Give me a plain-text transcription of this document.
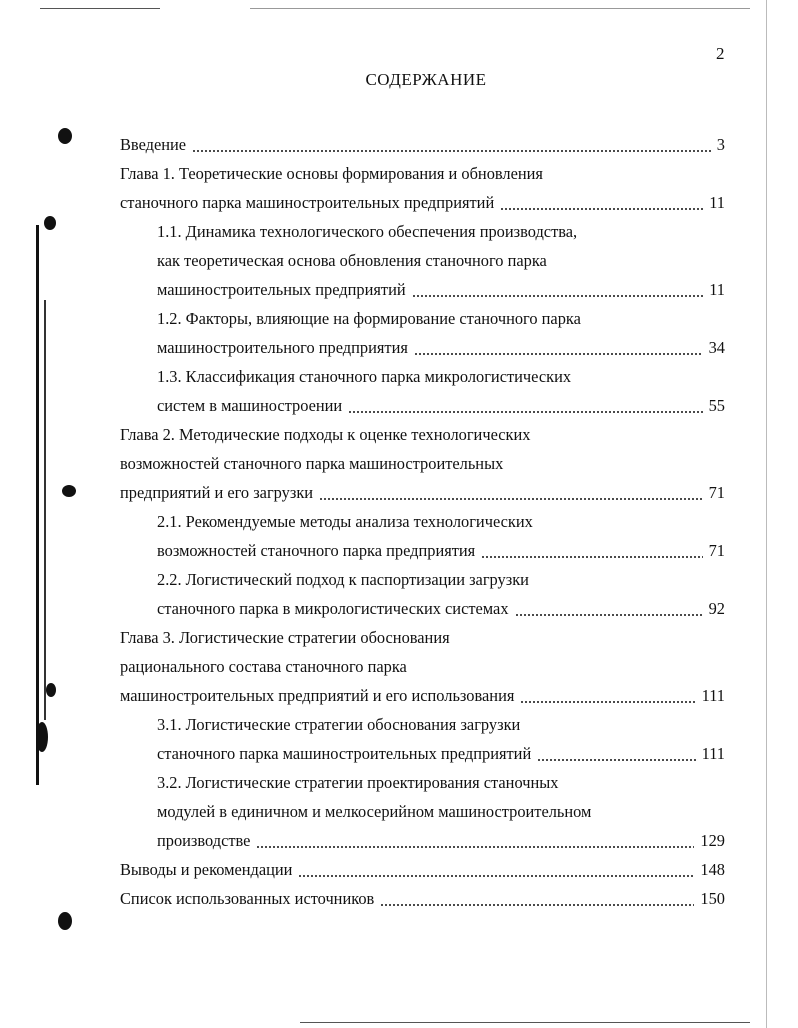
2
СОДЕРЖАНИЕ
Введение	3
Глава 1. Теоретические основы формирования и обновления
станочного парка машиностроительных предприятий	11
1.1. Динамика технологического обеспечения производства,
как теоретическая основа обновления станочного парка
машиностроительных предприятий	11
1.2. Факторы, влияющие на формирование станочного парка
машиностроительного предприятия	34
1.3. Классификация станочного парка микрологистических
систем в машиностроении	55
Глава 2. Методические подходы к оценке технологических
возможностей станочного парка машиностроительных
предприятий и его загрузки	71
2.1. Рекомендуемые методы анализа технологических
возможностей станочного парка предприятия	71
2.2. Логистический подход к паспортизации загрузки
станочного парка в микрологистических системах	92
Глава 3. Логистические стратегии обоснования
рационального состава станочного парка
машиностроительных предприятий и его использования	111
3.1. Логистические стратегии обоснования загрузки
станочного парка машиностроительных предприятий	111
3.2. Логистические стратегии проектирования станочных
модулей в единичном и мелкосерийном машиностроительном
производстве	129
Выводы и рекомендации	148
Список использованных источников	150
